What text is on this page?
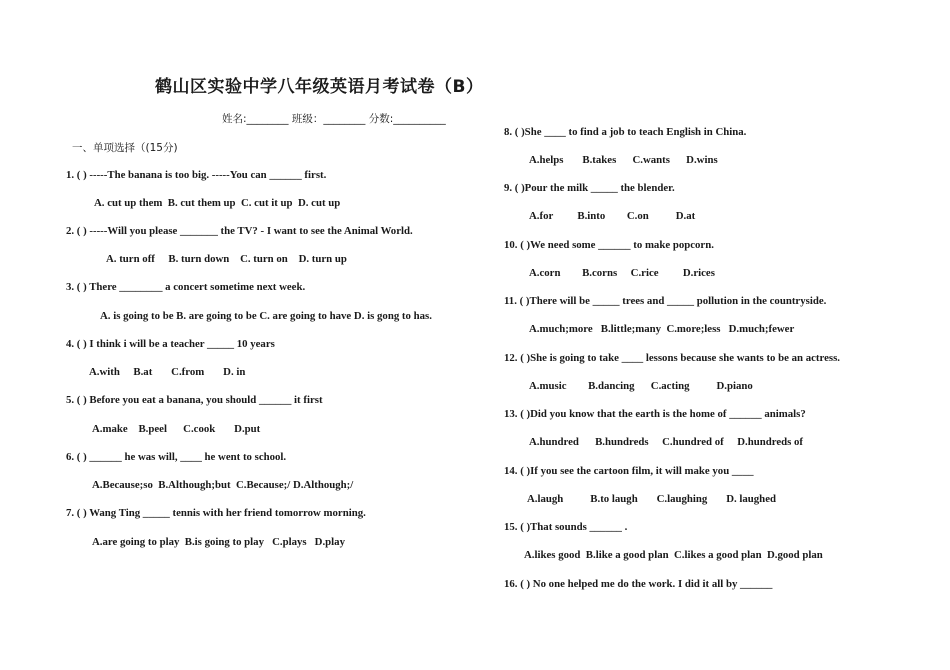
鹤山区实验中学八年级英语月考试卷（B）
姓名:________ 班级：________ 分数:__________
一、单项选择（(15分)
1. ( ) -----The banana is too big. -----You can ______ first.
A. cut up them  B. cut them up  C. cut it up  D. cut up
2. ( ) -----Will you please _______ the TV? - I want to see the Animal World.
A. turn off     B. turn down    C. turn on    D. turn up
3. ( ) There ________ a concert sometime next week.
A. is going to be B. are going to be C. are going to have D. is gong to has.
4. ( ) I think i will be a teacher _____ 10 years
A.with     B.at       C.from       D. in
5. ( ) Before you eat a banana, you should ______ it first
A.make    B.peel      C.cook       D.put
6. ( ) ______ he was will, ____ he went to school.
A.Because;so  B.Although;but  C.Because;/ D.Although;/
7. ( ) Wang Ting _____ tennis with her friend tomorrow morning.
A.are going to play  B.is going to play   C.plays   D.play
8. ( )She ____ to find a job to teach English in China.
A.helps       B.takes      C.wants      D.wins
9. ( )Pour the milk _____ the blender.
A.for         B.into        C.on          D.at
10. ( )We need some ______ to make popcorn.
A.corn        B.corns     C.rice         D.rices
11. ( )There will be _____ trees and _____ pollution in the countryside.
A.much;more   B.little;many  C.more;less   D.much;fewer
12. ( )She is going to take ____ lessons because she wants to be an actress.
A.music        B.dancing      C.acting          D.piano
13. ( )Did you know that the earth is the home of ______ animals?
A.hundred      B.hundreds     C.hundred of     D.hundreds of
14. ( )If you see the cartoon film, it will make you ____
A.laugh          B.to laugh       C.laughing       D. laughed
15. ( )That sounds ______ .
A.likes good  B.like a good plan  C.likes a good plan  D.good plan
16. ( ) No one helped me do the work. I did it all by ______
